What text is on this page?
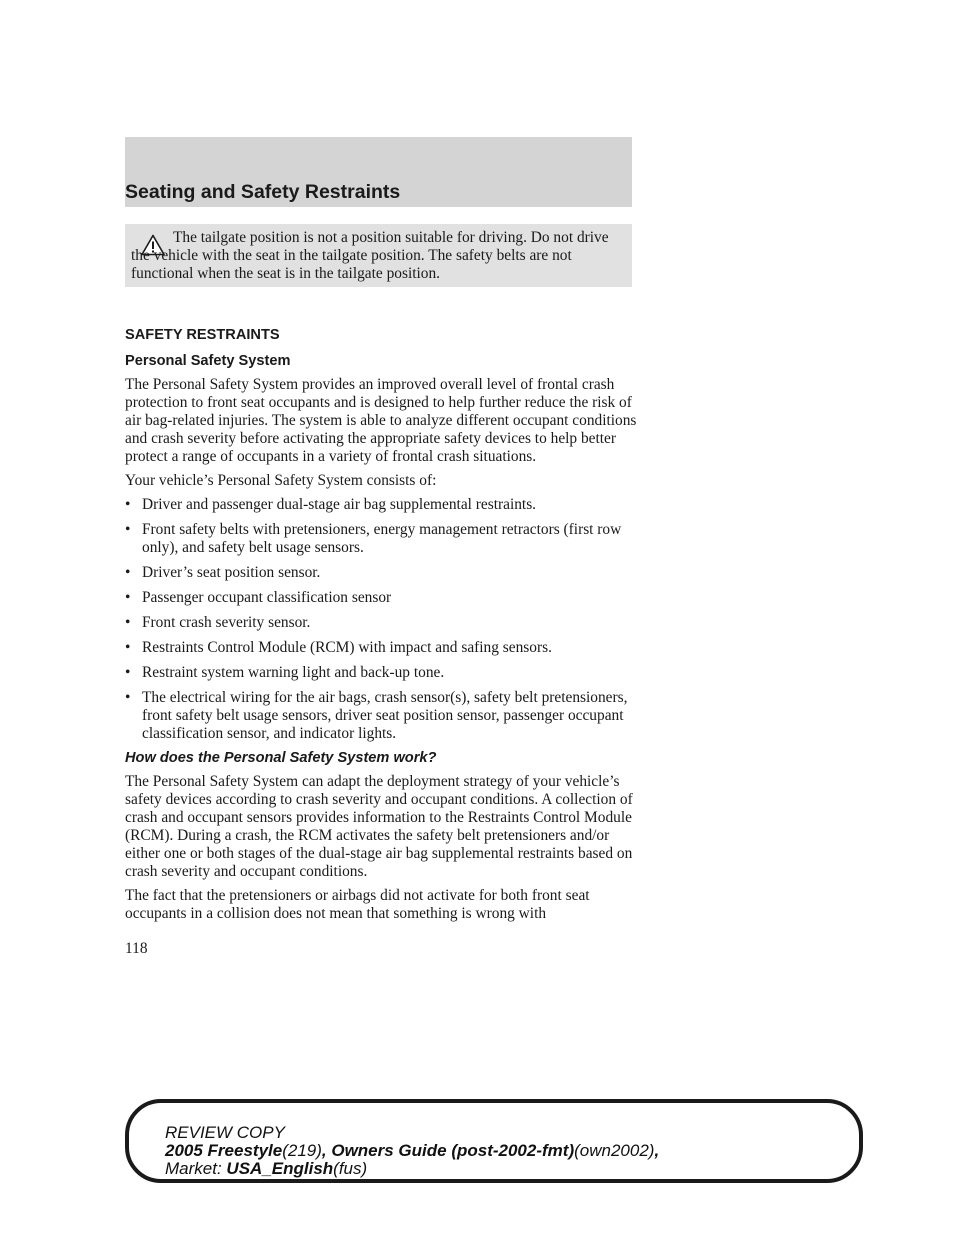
Seating and Safety Restraints

The tailgate position is not a position suitable for driving. Do not drive the vehicle with the seat in the tailgate position. The safety belts are not functional when the seat is in the tailgate position.

SAFETY RESTRAINTS
Personal Safety System

The Personal Safety System provides an improved overall level of frontal crash protection to front seat occupants and is designed to help further reduce the risk of air bag-related injuries. The system is able to analyze different occupant conditions and crash severity before activating the appropriate safety devices to help better protect a range of occupants in a variety of frontal crash situations.

Your vehicle’s Personal Safety System consists of:

• Driver and passenger dual-stage air bag supplemental restraints.
• Front safety belts with pretensioners, energy management retractors (first row only), and safety belt usage sensors.
• Driver’s seat position sensor.
• Passenger occupant classification sensor
• Front crash severity sensor.
• Restraints Control Module (RCM) with impact and safing sensors.
• Restraint system warning light and back-up tone.
• The electrical wiring for the air bags, crash sensor(s), safety belt pretensioners, front safety belt usage sensors, driver seat position sensor, passenger occupant classification sensor, and indicator lights.
How does the Personal Safety System work?

The Personal Safety System can adapt the deployment strategy of your vehicle’s safety devices according to crash severity and occupant conditions. A collection of crash and occupant sensors provides information to the Restraints Control Module (RCM). During a crash, the RCM activates the safety belt pretensioners and/or either one or both stages of the dual-stage air bag supplemental restraints based on crash severity and occupant conditions.

The fact that the pretensioners or airbags did not activate for both front seat occupants in a collision does not mean that something is wrong with

118
REVIEW COPY
2005 Freestyle(219), Owners Guide (post-2002-fmt)(own2002),
Market: USA_English(fus)
